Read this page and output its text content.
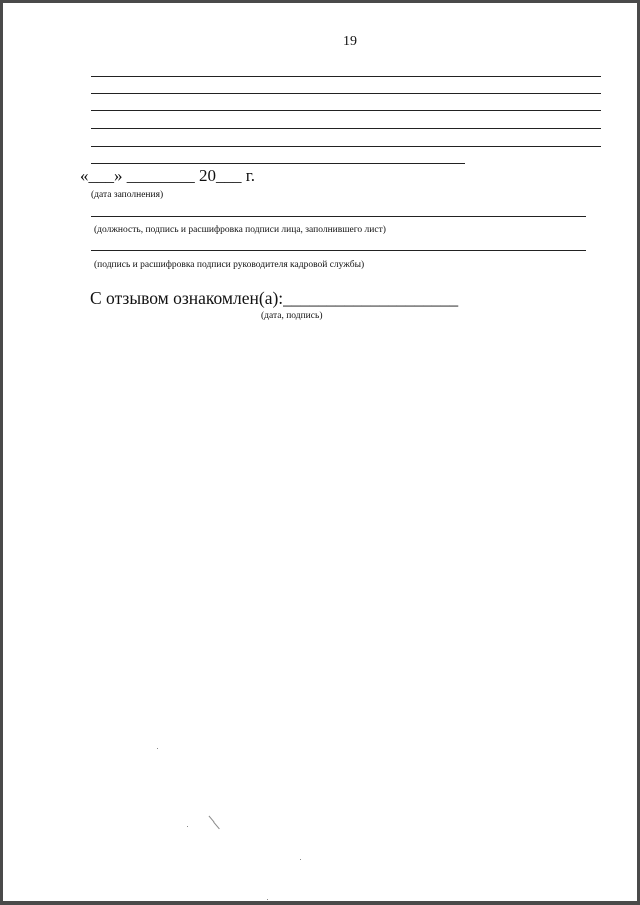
19
«___» ________ 20___ г.
(дата заполнения)
(должность, подпись и расшифровка подписи лица, заполнившего лист)
(подпись и расшифровка подписи руководителя кадровой службы)
С отзывом ознакомлен(а):____________________
(дата, подпись)
